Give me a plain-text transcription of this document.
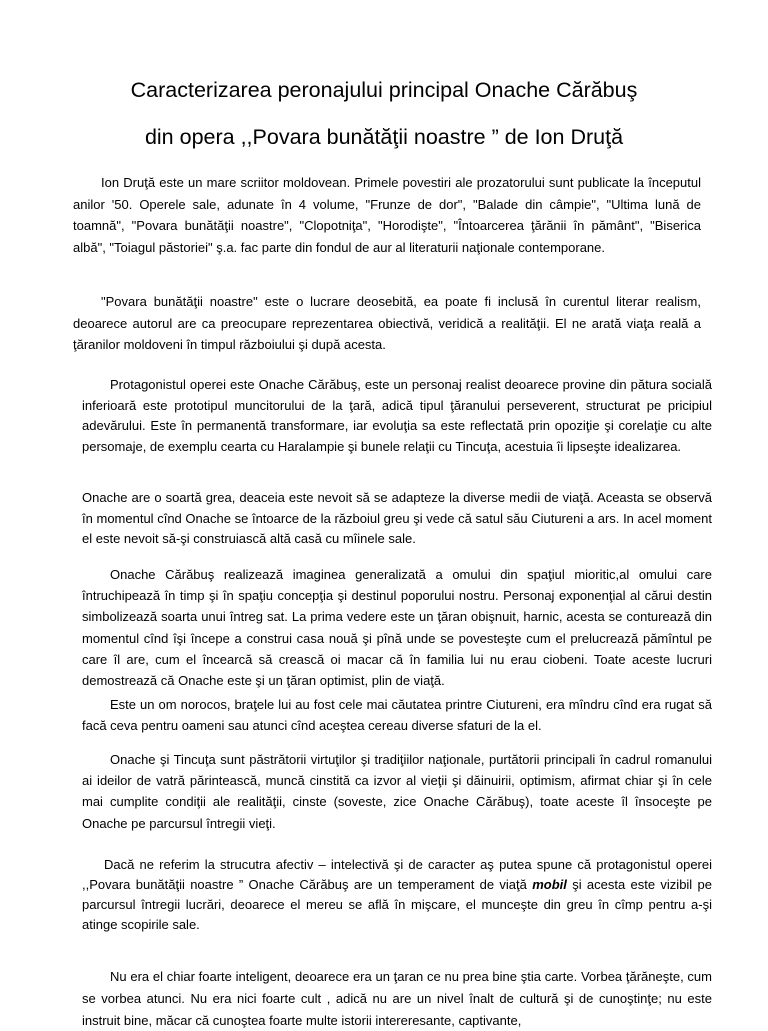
Caracterizarea peronajului principal Onache Cărăbuş
din opera ,,Povara bunătăţii noastre ” de Ion Druţă

Ion Druţă este un mare scriitor moldovean. Primele povestiri ale prozatorului sunt publicate la începutul anilor '50. Operele sale, adunate în 4 volume, "Frunze de dor", "Balade din câmpie", "Ultima lună de toamnă", "Povara bunătăţii noastre", "Clopotniţa", "Horodişte", "Întoarcerea ţărănii în pământ", "Biserica albă", "Toiagul păstoriei" ş.a. fac parte din fondul de aur al literaturii naţionale contemporane.

"Povara bunătăţii noastre" este o lucrare deosebită, ea poate fi inclusă în curentul literar realism, deoarece autorul are ca preocupare reprezentarea obiectivă, veridică a realităţii. El ne arată viaţa reală a ţăranilor moldoveni în timpul războiului şi după acesta.

Protagonistul operei este Onache Cărăbuş, este un personaj realist deoarece provine din pătura socială inferioară este prototipul muncitorului de la ţară, adică tipul ţăranului perseverent, structurat pe pricipiul adevărului. Este în permanentă transformare, iar evoluţia sa este reflectată prin opoziţie şi corelaţie cu alte persomaje, de exemplu cearta cu Haralampie şi bunele relaţii cu Tincuţa, acestuia îi lipseşte idealizarea.

Onache are o soartă grea, deaceia este nevoit să se adapteze la diverse medii de viaţă. Aceasta se observă în momentul cînd Onache se întoarce de la războiul greu şi vede că satul său Ciutureni a ars. In acel moment el este nevoit să-şi construiască altă casă cu mîinele sale.

Onache Cărăbuş realizează imaginea generalizată a omului din spaţiul mioritic,al omului care întruchipează în timp şi în spaţiu concepţia şi destinul poporului nostru. Personaj exponenţial al cărui destin simbolizează soarta unui întreg sat. La prima vedere este un ţăran obişnuit, harnic, acesta se conturează din momentul cînd îşi începe a construi casa nouă şi pînă unde se povesteşte cum el prelucrează pămîntul pe care îl are, cum el încearcă să crească oi macar că în familia lui nu erau ciobeni. Toate aceste lucruri demostrează că Onache este şi un ţăran optimist, plin de viaţă.

Este un om norocos, braţele lui au fost cele mai căutatea printre Ciutureni, era mîndru cînd era rugat să facă ceva pentru oameni sau atunci cînd aceştea cereau diverse sfaturi de la el.

Onache şi Tincuţa sunt păstrătorii virtuţilor şi tradiţiilor naţionale, purtătorii principali în cadrul romanului ai ideilor de vatră părintească, muncă cinstită ca izvor al vieţii şi dăinuirii, optimism, afirmat chiar şi în cele mai cumplite condiţii ale realităţii, cinste (soveste, zice Onache Cărăbuş), toate aceste îl însoceşte pe Onache pe parcursul întregii vieţi.

Dacă ne referim la strucutra afectiv – intelectivă şi de caracter aş putea spune că protagonistul operei ,,Povara bunătăţii noastre ” Onache Cărăbuş are un temperament de viaţă mobil şi acesta este vizibil pe parcursul întregii lucrări, deoarece el mereu se află în mişcare, el munceşte din greu în cîmp pentru a-şi atinge scopirile sale.

Nu era el chiar foarte inteligent, deoarece era un ţaran ce nu prea bine ştia carte. Vorbea ţărăneşte, cum se vorbea atunci. Nu era nici foarte cult , adică nu are un nivel înalt de cultură şi de cunoştinţe; nu este instruit bine, măcar că cunoştea foarte multe istorii intereresante, captivante,
